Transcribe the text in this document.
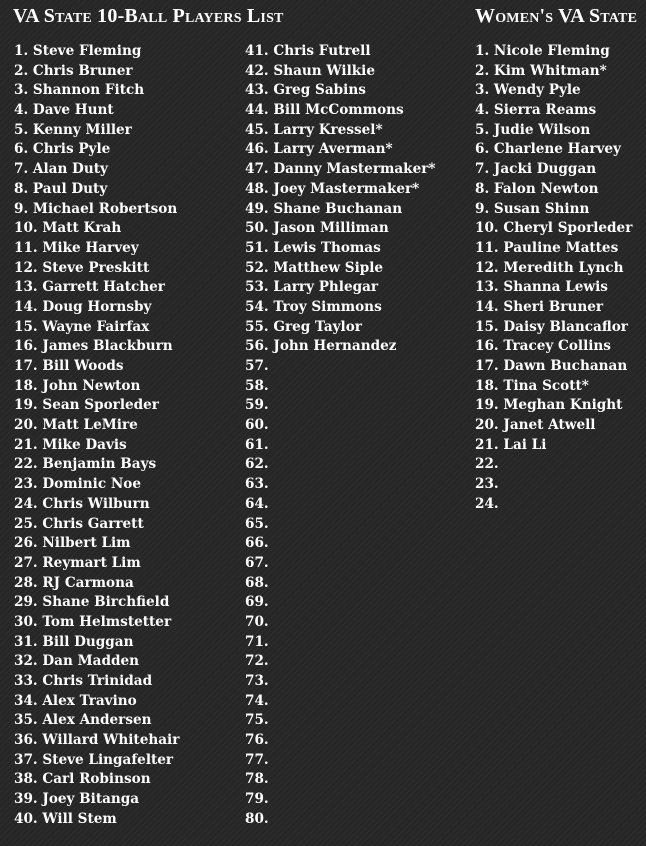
VA State 10-Ball Players List
1. Steve Fleming
2. Chris Bruner
3. Shannon Fitch
4. Dave Hunt
5. Kenny Miller
6. Chris Pyle
7. Alan Duty
8. Paul Duty
9. Michael Robertson
10. Matt Krah
11. Mike Harvey
12. Steve Preskitt
13. Garrett Hatcher
14. Doug Hornsby
15. Wayne Fairfax
16. James Blackburn
17. Bill Woods
18. John Newton
19. Sean Sporleder
20. Matt LeMire
21. Mike Davis
22. Benjamin Bays
23. Dominic Noe
24. Chris Wilburn
25. Chris Garrett
26. Nilbert Lim
27. Reymart Lim
28. RJ Carmona
29. Shane Birchfield
30. Tom Helmstetter
31. Bill Duggan
32. Dan Madden
33. Chris Trinidad
34. Alex Travino
35. Alex Andersen
36. Willard Whitehair
37. Steve Lingafelter
38. Carl Robinson
39. Joey Bitanga
40. Will Stem
41. Chris Futrell
42. Shaun Wilkie
43. Greg Sabins
44. Bill McCommons
45. Larry Kressel*
46. Larry Averman*
47. Danny Mastermaker*
48. Joey Mastermaker*
49. Shane Buchanan
50. Jason Milliman
51. Lewis Thomas
52. Matthew Siple
53. Larry Phlegar
54. Troy Simmons
55. Greg Taylor
56. John Hernandez
57.
58.
59.
60.
61.
62.
63.
64.
65.
66.
67.
68.
69.
70.
71.
72.
73.
74.
75.
76.
77.
78.
79.
80.
Women's VA State
1. Nicole Fleming
2. Kim Whitman*
3. Wendy Pyle
4. Sierra Reams
5. Judie Wilson
6. Charlene Harvey
7. Jacki Duggan
8. Falon Newton
9. Susan Shinn
10. Cheryl Sporleder
11. Pauline Mattes
12. Meredith Lynch
13. Shanna Lewis
14. Sheri Bruner
15. Daisy Blancaflor
16. Tracey Collins
17. Dawn Buchanan
18. Tina Scott*
19. Meghan Knight
20. Janet Atwell
21. Lai Li
22.
23.
24.
